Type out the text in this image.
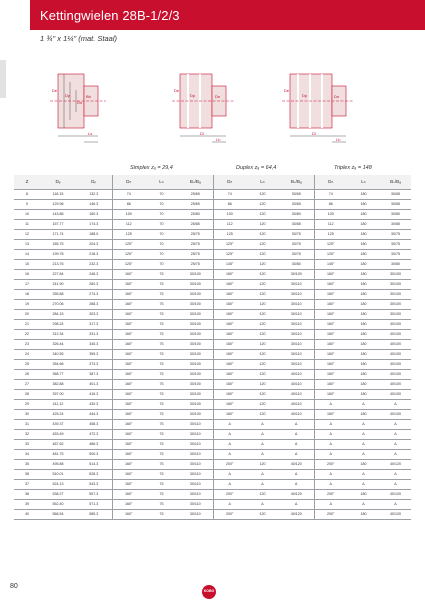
Kettingwielen 28B-1/2/3
1 ¾" x 1¼" (mat. Staal)
De
Dp
Dn
Bb
Ls
De
Dp	Dn
Dl
Lh
De
Dp	Dn
Dl
Lh
Simplex zₐ = 29,4	Duplex zₐ = 64,4	Triplex zₐ = 148
Z	Dₑ	Dₚ	Dₙ	Lₙ	Bₛ/Bₐ	Dₙ	Lₙ	Bₛ/Bₐ	Dₙ	Lₙ	Bₛ/Bₐ
8	116.15	132.3	74	70	25/65	74	120	30/65	74	180	30/65
9	129.96	146.3	86	70	25/65	86	120	30/65	86	180	30/65
10	143.86	160.3	100	70	25/80	100	120	30/80	100	180	30/80
11	157.77	174.3	112	70	25/85	112	120	30/85	112	180	30/85
12	171.74	188.0	125	70	25/75	125	120	30/75	125	180	30/75
13	185.75	204.3	125°	70	25/75	125°	120	30/75	125°	180	30/75
14	199.78	218.3	125°	70	25/75	125°	120	30/75	125°	180	30/75
15	213.76	232.3	125°	70	25/75	145°	120	30/80	145°	180	30/80
16	227.84	246.3	160°	75	30/100	160°	120	30/100	160°	180	30/100
17	241.90	260.3	160°	75	30/100	160°	120	30/110	160°	180	30/100
18	255.88	274.3	160°	75	30/100	160°	120	30/110	160°	180	30/100
19	270.06	288.3	160°	75	30/100	160°	120	30/110	160°	180	30/100
20	284.15	303.3	160°	75	30/100	160°	120	30/110	160°	180	30/100
21	298.24	317.3	160°	75	30/100	160°	120	30/110	160°	180	40/100
22	312.34	331.3	160°	75	30/100	160°	120	30/110	160°	180	40/100
23	326.44	345.3	160°	75	30/100	160°	120	30/110	160°	180	40/100
24	340.55	359.3	160°	75	30/100	160°	120	30/110	160°	180	40/100
25	354.66	373.3	160°	75	30/100	160°	120	30/110	160°	180	40/100
26	368.77	387.3	160°	75	30/100	160°	120	40/110	160°	180	40/100
27	382.88	401.3	160°	75	30/100	160°	120	40/110	160°	180	40/100
28	397.00	416.3	160°	75	30/100	160°	120	40/110	160°	180	40/100
29	411.12	430.3	160°	75	30/100	160°	120	40/110	Δ	Δ	Δ
30	425.24	444.3	160°	75	30/100	160°	120	40/110	160°	180	40/100
31	439.37	458.3	160°	75	30/110	Δ	Δ	Δ	Δ	Δ	Δ
32	453.49	472.3	160°	75	30/110	Δ	Δ	Δ	Δ	Δ	Δ
33	467.62	486.3	160°	75	30/110	Δ	Δ	Δ	Δ	Δ	Δ
34	481.75	500.3	160°	75	30/110	Δ	Δ	Δ	Δ	Δ	Δ
35	495.88	514.3	160°	75	30/110	200°	120	40/120	200°	180	40/120
36	510.01	528.3	160°	75	30/110	Δ	Δ	Δ	Δ	Δ	Δ
37	524.13	543.3	160°	75	30/110	Δ	Δ	Δ	Δ	Δ	Δ
38	538.27	557.3	160°	75	30/110	200°	120	40/120	200°	180	40/120
39	552.40	571.3	160°	75	30/110	Δ	Δ	Δ	Δ	Δ	Δ
40	566.54	585.3	160°	75	30/110	200°	120	40/120	200°	180	40/120
80
KOBO
